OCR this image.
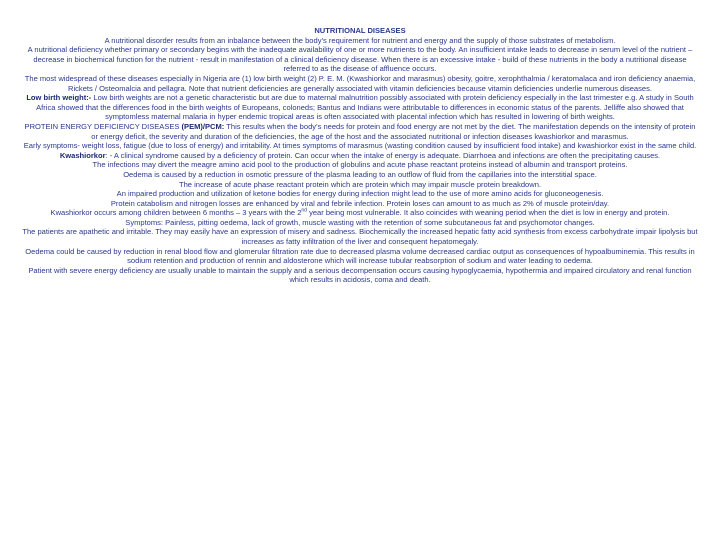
NUTRITIONAL DISEASES

A nutritional disorder results from an inbalance between the body’s requirement for nutrient and energy and the supply of those substrates of metabolism.

A nutritional deficiency whether primary or secondary begins with the inadequate availability of one or more nutrients to the body. An insufficient intake leads to decrease in serum level of the nutrient – decrease in biochemical function for the nutrient - result in manifestation of a clinical deficiency disease. When there is an excessive intake - build of these nutrients in the body a nutritional disease referred to as the disease of affluence occurs.

The most widespread of these diseases especially in Nigeria are (1) low birth weight (2) P. E. M. (Kwashiorkor and marasmus) obesity, goitre, xerophthalmia / keratomalaca and iron deficiency anaemia, Rickets / Osteomalcia and pellagra. Note that nutrient deficiencies are generally associated with vitamin deficiencies because vitamin deficiencies underlie numerous diseases.

Low birth weight:- Low birth weights are not a genetic characteristic but are due to maternal malnutrition possibly associated with protein deficiency especially in the last trimester e.g. A study in South Africa showed that the differences food in the birth weights of Europeans, coloneds; Bantus and Indians were attributable to differences in economic status of the parents. Jelliffe also showed that symptomless maternal malaria in hyper endemic tropical areas is often associated with placental infection which has resulted in lowering of birth weights.

PROTEIN ENERGY DEFICIENCY DISEASES (PEM)/PCM: This results when the body’s needs for protein and food energy are not met by the diet. The manifestation depends on the intensity of protein or energy deficit, the severity and duration of the deficiencies, the age of the host and the associated nutritional or infection diseases kwashiorkor and marasmus.

Early symptoms- weight loss, fatigue (due to loss of energy) and irritability. At times symptoms of marasmus (wasting condition caused by insufficient food intake) and kwashiorkor exist in the same child.

Kwashiorkor: - A clinical syndrome caused by a deficiency of protein. Can occur when the intake of energy is adequate. Diarrhoea and infections are often the precipitating causes.

The infections may divert the meagre amino acid pool to the production of globulins and acute phase reactant proteins instead of albumin and transport proteins.

Oedema is caused by a reduction in osmotic pressure of the plasma leading to an outflow of fluid from the capillaries into the interstitial space.

The increase of acute phase reactant protein which are protein which may impair muscle protein breakdown.

An impaired production and utilization of ketone bodies for energy during infection might lead to the use of more amino acids for gluconeogenesis.

Protein catabolism and nitrogen losses are enhanced by viral and febrile infection. Protein loses can amount to as much as 2% of muscle protein/day.

Kwashiorkor occurs among children between 6 months – 3 years with the 2nd year being most vulnerable. It also coincides with weaning period when the diet is low in energy and protein.

Symptoms: Painless, pitting oedema, lack of growth, muscle wasting with the retention of some subcutaneous fat and psychomotor changes.

The patients are apathetic and irritable. They may easily have an expression of misery and sadness. Biochemically the increased hepatic fatty acid synthesis from excess carbohydrate impair lipolysis but increases as fatty infiltration of the liver and consequent hepatomegaly.

Oedema could be caused by reduction in renal blood flow and glomerular filtration rate due to decreased plasma volume decreased cardiac output as consequences of hypoalbuminemia. This results in sodium retention and production of rennin and aldosterone which will increase tubular reabsorption of sodium and water leading to oedema.

Patient with severe energy deficiency are usually unable to maintain the supply and a serious decompensation occurs causing hypoglycaemia, hypothermia and impaired circulatory and renal function which results in acidosis, coma and death.
